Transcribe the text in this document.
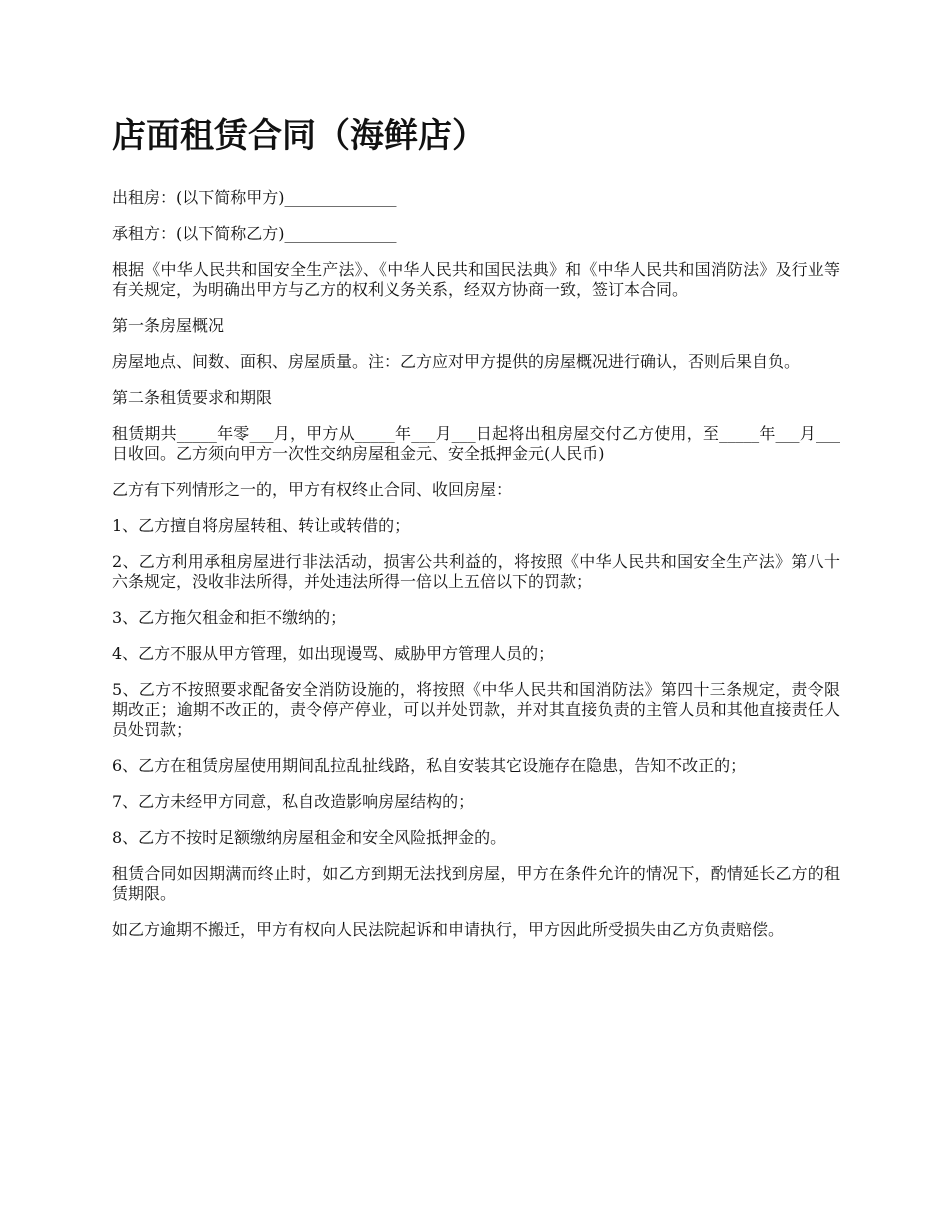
店面租赁合同（海鲜店）

出租房：(以下简称甲方)______________

承租方：(以下简称乙方)______________

根据《中华人民共和国安全生产法》、《中华人民共和国民法典》和《中华人民共和国消防法》及行业等有关规定，为明确出甲方与乙方的权利义务关系，经双方协商一致，签订本合同。

第一条房屋概况

房屋地点、间数、面积、房屋质量。注：乙方应对甲方提供的房屋概况进行确认，否则后果自负。

第二条租赁要求和期限

租赁期共_____年零___月，甲方从_____年___月___日起将出租房屋交付乙方使用，至_____年___月___日收回。乙方须向甲方一次性交纳房屋租金元、安全抵押金元(人民币)

乙方有下列情形之一的，甲方有权终止合同、收回房屋：

1、乙方擅自将房屋转租、转让或转借的；

2、乙方利用承租房屋进行非法活动，损害公共利益的，将按照《中华人民共和国安全生产法》第八十六条规定，没收非法所得，并处违法所得一倍以上五倍以下的罚款；

3、乙方拖欠租金和拒不缴纳的；

4、乙方不服从甲方管理，如出现谩骂、威胁甲方管理人员的；

5、乙方不按照要求配备安全消防设施的，将按照《中华人民共和国消防法》第四十三条规定，责令限期改正；逾期不改正的，责令停产停业，可以并处罚款，并对其直接负责的主管人员和其他直接责任人员处罚款；

6、乙方在租赁房屋使用期间乱拉乱扯线路，私自安装其它设施存在隐患，告知不改正的；

7、乙方未经甲方同意，私自改造影响房屋结构的；

8、乙方不按时足额缴纳房屋租金和安全风险抵押金的。

租赁合同如因期满而终止时，如乙方到期无法找到房屋，甲方在条件允许的情况下，酌情延长乙方的租赁期限。

如乙方逾期不搬迁，甲方有权向人民法院起诉和申请执行，甲方因此所受损失由乙方负责赔偿。
